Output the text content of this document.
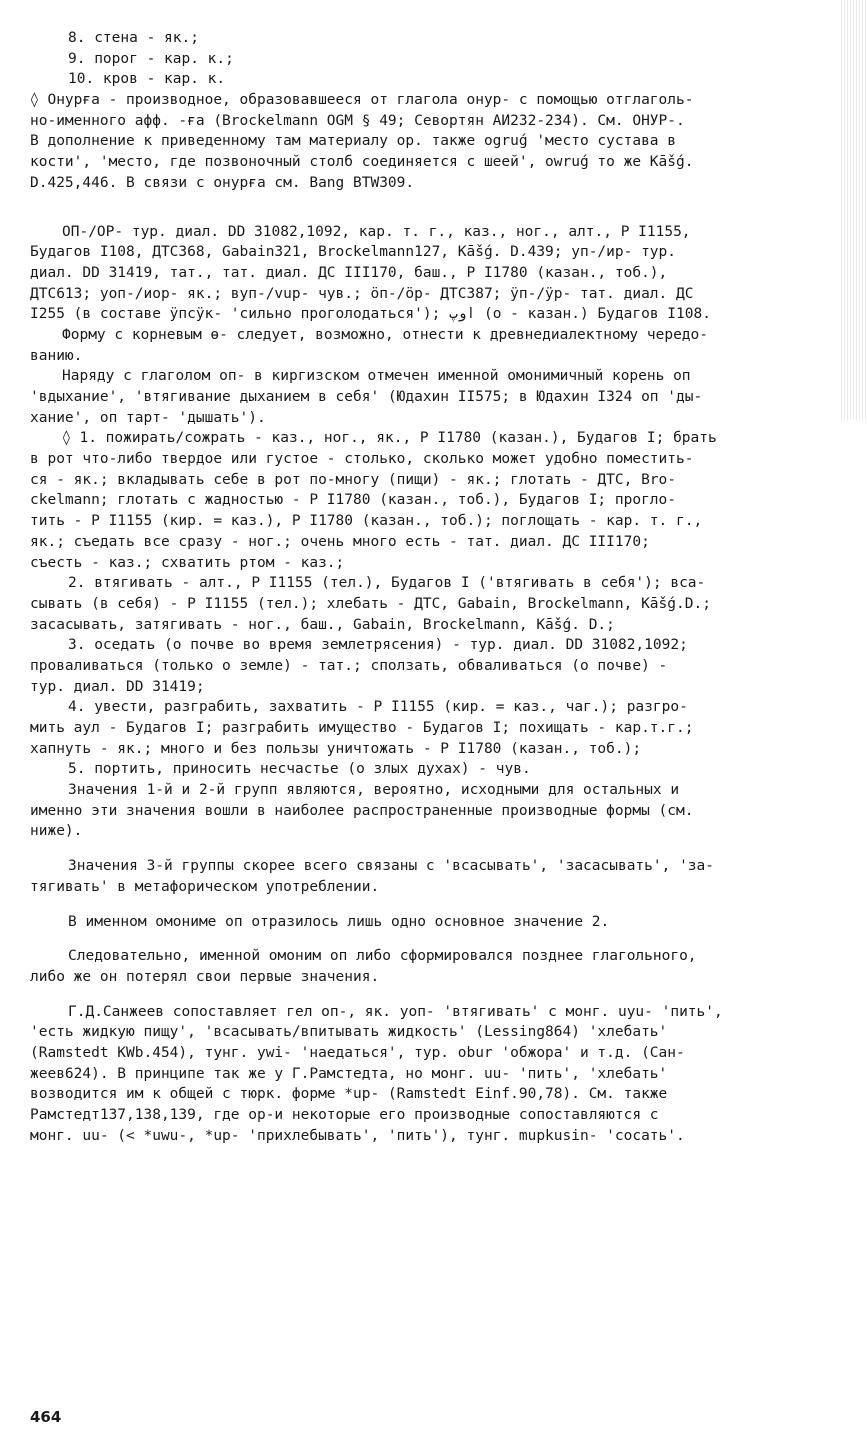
8. стена - як.;
9. порог - кар. к.;
10. кров - кар. к.
◊ Онурға - производное, образовавшееся от глагола онур- с помощью отглаголь-
но-именного афф. -ға (Brockelmann OGM § 49; Севортян АИ232-234). См. ОНУР-.
В дополнение к приведенному там материалу ор. также ogruǵ 'место сустава в
кости', 'место, где позвоночный столб соединяется с шеей', owruǵ то же Kāšǵ.
D.425,446. В связи с онурға см. Bang BTW309.
ОП-/ОР- тур. диал. DD 31082,1092, кар. т. г., каз., ног., алт., Р I1155,
Будагов I108, ДТС368, Gabain321, Brockelmann127, Kāšǵ. D.439; уп-/ир- тур.
диал. DD 31419, тат., тат. диал. ДС III170, баш., Р I1780 (казан., тоб.),
ДТС613; уоп-/иор- як.; вуп-/vup- чув.; öп-/öр- ДТС387; ӱп-/ӱр- тат. диал. ДС
I255 (в составе ӱпсӱк- 'сильно проголодаться'); اوپ (о - казан.) Будагов I108.
Форму с корневым ө- следует, возможно, отнести к древнедиалектному чередо-
ванию.
Наряду с глаголом оп- в киргизском отмечен именной омонимичный корень оп
'вдыхание', 'втягивание дыханием в себя' (Юдахин II575; в Юдахин I324 оп 'ды-
хание', оп тарт- 'дышать').
◊ 1. пожирать/сожрать - каз., ног., як., Р I1780 (казан.), Будагов I; брать
в рот что-либо твердое или густое - столько, сколько может удобно поместить-
ся - як.; вкладывать себе в рот по-многу (пищи) - як.; глотать - ДТС, Bro-
ckelmann; глотать с жадностью - Р I1780 (казан., тоб.), Будагов I; прогло-
тить - Р I1155 (кир. = каз.), Р I1780 (казан., тоб.); поглощать - кар. т. г.,
як.; съедать все сразу - ног.; очень много есть - тат. диал. ДС III170;
съесть - каз.; схватить ртом - каз.;
2. втягивать - алт., Р I1155 (тел.), Будагов I ('втягивать в себя'); вса-
сывать (в себя) - Р I1155 (тел.); хлебать - ДТС, Gabain, Brockelmann, Kāšǵ.D.;
засасывать, затягивать - ног., баш., Gabain, Brockelmann, Kāšǵ. D.;
3. оседать (о почве во время землетрясения) - тур. диал. DD 31082,1092;
проваливаться (только о земле) - тат.; сползать, обваливаться (о почве) -
тур. диал. DD 31419;
4. увести, разграбить, захватить - Р I1155 (кир. = каз., чаг.); разгро-
мить аул - Будагов I; разграбить имущество - Будагов I; похищать - кар.т.г.;
хапнуть - як.; много и без пользы уничтожать - Р I1780 (казан., тоб.);
5. портить, приносить несчастье (о злых духах) - чув.
Значения 1-й и 2-й групп являются, вероятно, исходными для остальных и
именно эти значения вошли в наиболее распространенные производные формы (см.
ниже).
Значения 3-й группы скорее всего связаны с 'всасывать', 'засасывать', 'за-
тягивать' в метафорическом употреблении.
В именном омониме оп отразилось лишь одно основное значение 2.
Следовательно, именной омоним оп либо сформировался позднее глагольного,
либо же он потерял свои первые значения.
Г.Д.Санжеев сопоставляет гел оп-, як. уоп- 'втягивать' с монг. uyu- 'пить',
'есть жидкую пищу', 'всасывать/впитывать жидкость' (Lessing864) 'хлебать'
(Ramstedt KWb.454), тунг. ywi- 'наедаться', тур. obur 'обжора' и т.д. (Сан-
жеев624). В принципе так же у Г.Рамстедта, но монг. uu- 'пить', 'хлебать'
возводится им к общей с тюрк. форме *up- (Ramstedt Einf.90,78). См. также
Рамстедт137,138,139, где ор-и некоторые его производные сопоставляются с
монг. uu- (< *uwu-, *up- 'прихлебывать', 'пить'), тунг. mupkusin- 'сосать'.
464
